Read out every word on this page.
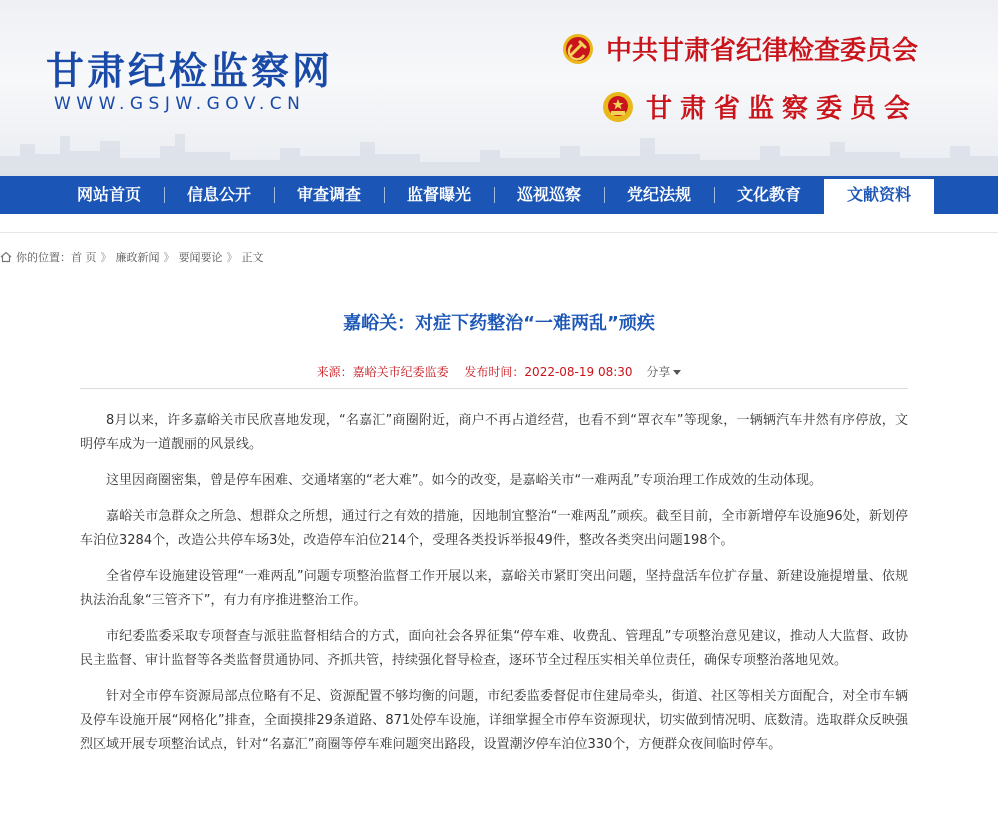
甘肃纪检监察网
WWW.GSJW.GOV.CN
中共甘肃省纪律检查委员会
甘肃省监察委员会
网站首页	信息公开	审查调查	监督曝光	巡视巡察	党纪法规	文化教育	文献资料
你的位置： 首 页 》 廉政新闻 》 要闻要论 》 正文
嘉峪关：对症下药整治“一难两乱”顽疾
来源：嘉峪关市纪委监委 发布时间：2022-08-19 08:30 分享

8月以来，许多嘉峪关市民欣喜地发现，“名嘉汇”商圈附近，商户不再占道经营，也看不到“罩衣车”等现象，一辆辆汽车井然有序停放，文明停车成为一道靓丽的风景线。

这里因商圈密集，曾是停车困难、交通堵塞的“老大难”。如今的改变，是嘉峪关市“一难两乱”专项治理工作成效的生动体现。

嘉峪关市急群众之所急、想群众之所想，通过行之有效的措施，因地制宜整治“一难两乱”顽疾。截至目前，全市新增停车设施96处，新划停车泊位3284个，改造公共停车场3处，改造停车泊位214个，受理各类投诉举报49件，整改各类突出问题198个。

全省停车设施建设管理“一难两乱”问题专项整治监督工作开展以来，嘉峪关市紧盯突出问题，坚持盘活车位扩存量、新建设施提增量、依规执法治乱象“三管齐下”，有力有序推进整治工作。

市纪委监委采取专项督查与派驻监督相结合的方式，面向社会各界征集“停车难、收费乱、管理乱”专项整治意见建议，推动人大监督、政协民主监督、审计监督等各类监督贯通协同、齐抓共管，持续强化督导检查，逐环节全过程压实相关单位责任，确保专项整治落地见效。

针对全市停车资源局部点位略有不足、资源配置不够均衡的问题，市纪委监委督促市住建局牵头，街道、社区等相关方面配合，对全市车辆及停车设施开展“网格化”排查，全面摸排29条道路、871处停车设施，详细掌握全市停车资源现状，切实做到情况明、底数清。选取群众反映强烈区域开展专项整治试点，针对“名嘉汇”商圈等停车难问题突出路段，设置潮汐停车泊位330个，方便群众夜间临时停车。
